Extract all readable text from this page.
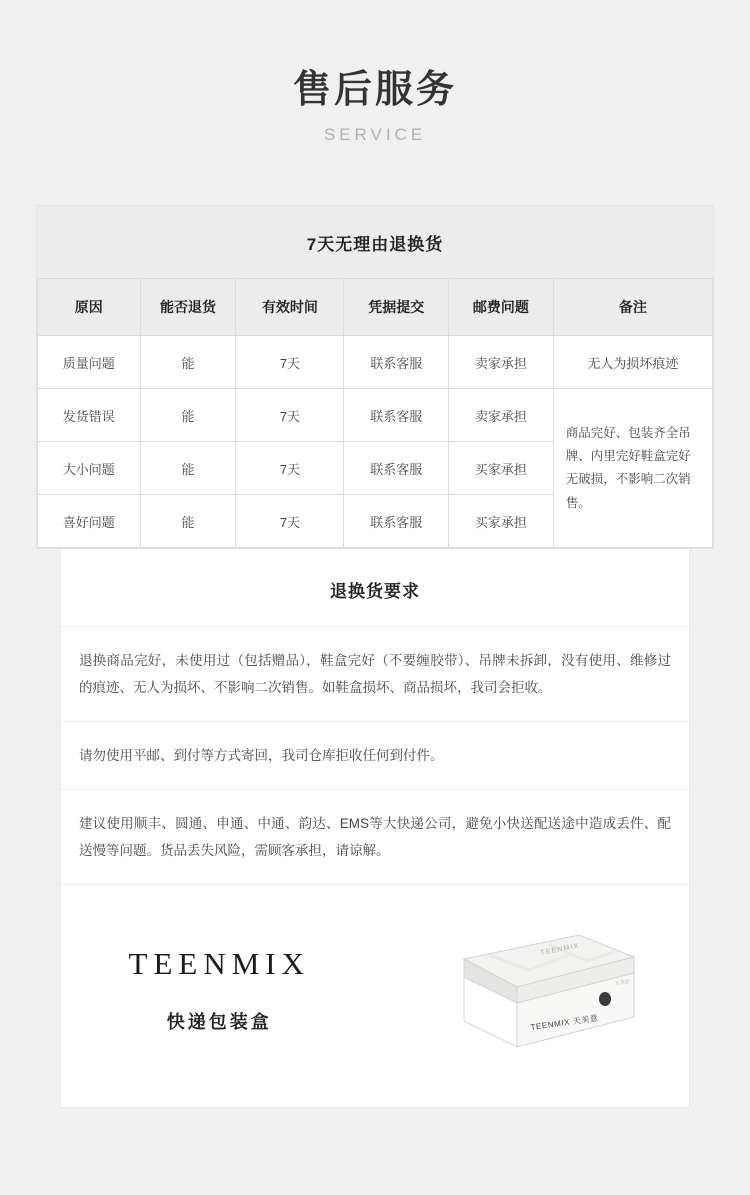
售后服务
SERVICE
7天无理由退换货
原因	能否退货	有效时间	凭据提交	邮费问题	备注
质量问题	能	7天	联系客服	卖家承担	无人为损坏痕迹
发货错误	能	7天	联系客服	卖家承担	商品完好、包装齐全吊牌、内里完好鞋盒完好无破损，不影响二次销售。
大小问题	能	7天	联系客服	买家承担	
喜好问题	能	7天	联系客服	买家承担	
退换货要求
退换商品完好，未使用过（包括赠品），鞋盒完好（不要缠胶带）、吊牌未拆卸，没有使用、维修过的痕迹、无人为损坏、不影响二次销售。如鞋盒损坏、商品损坏，我司会拒收。
请勿使用平邮、到付等方式寄回，我司仓库拒收任何到付件。
建议使用顺丰、圆通、申通、中通、韵达、EMS等大快递公司，避免小快送配送途中造成丢件、配送慢等问题。货品丢失风险，需顾客承担，请谅解。
TEENMIX
快递包装盒	TEENMIX 天美意
TEENMIX
天美意
